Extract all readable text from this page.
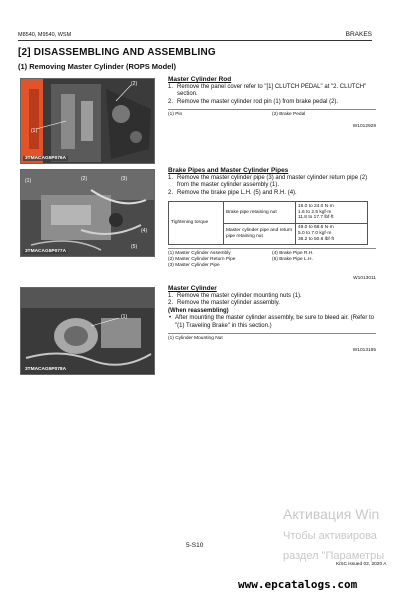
M8540, M9540, WSM	BRAKES
[2] DISASSEMBLING AND ASSEMBLING
(1) Removing Master Cylinder (ROPS Model)
(1)
(2)
3TMACAG5P076A
(1)	(2)	(3)
(4)
(5)
3TMACAG5P077A
(1)
3TMACAG5P078A
Master Cylinder Rod
1. Remove the panel cover refer to "[1] CLUTCH PEDAL" at "2. CLUTCH" section.
2. Remove the master cylinder rod pin (1) from brake pedal (2).
(1) Pin	(2) Brake Pedal
W1012929
Brake Pipes and Master Cylinder Pipes
1. Remove the master cylinder pipe (3) and master cylinder return pipe (2) from the master cylinder assembly (1).
2. Remove the brake pipe L.H. (5) and R.H. (4).
Tightening torque	Brake pipe retaining nut	16.0 to 24.0 N·m
1.6 to 2.5 kgf·m
11.8 to 17.7 lbf·ft

	Master cylinder pipe and return pipe retaining nut	49.0 to 68.6 N·m
5.0 to 7.0 kgf·m
36.2 to 50.6 lbf·ft
(1) Master Cylinder Assembly	(4) Brake Pipe R.H.
(2) Master Cylinder Return Pipe	(5) Brake Pipe L.H.
(3) Master Cylinder Pipe
W1013011
Master Cylinder
1. Remove the master cylinder mounting nuts (1).
2. Remove the master cylinder assembly.
(When reassembling)
• After mounting the master cylinder assembly, be sure to bleed air. (Refer to "(1) Traveling Brake" in this section.)
(1) Cylinder Mounting Nut
W1013165
Активация Win
Чтобы активирова
раздел "Параметры
5-S10
KiSC issued 02, 2020 A
www.epcatalogs.com
